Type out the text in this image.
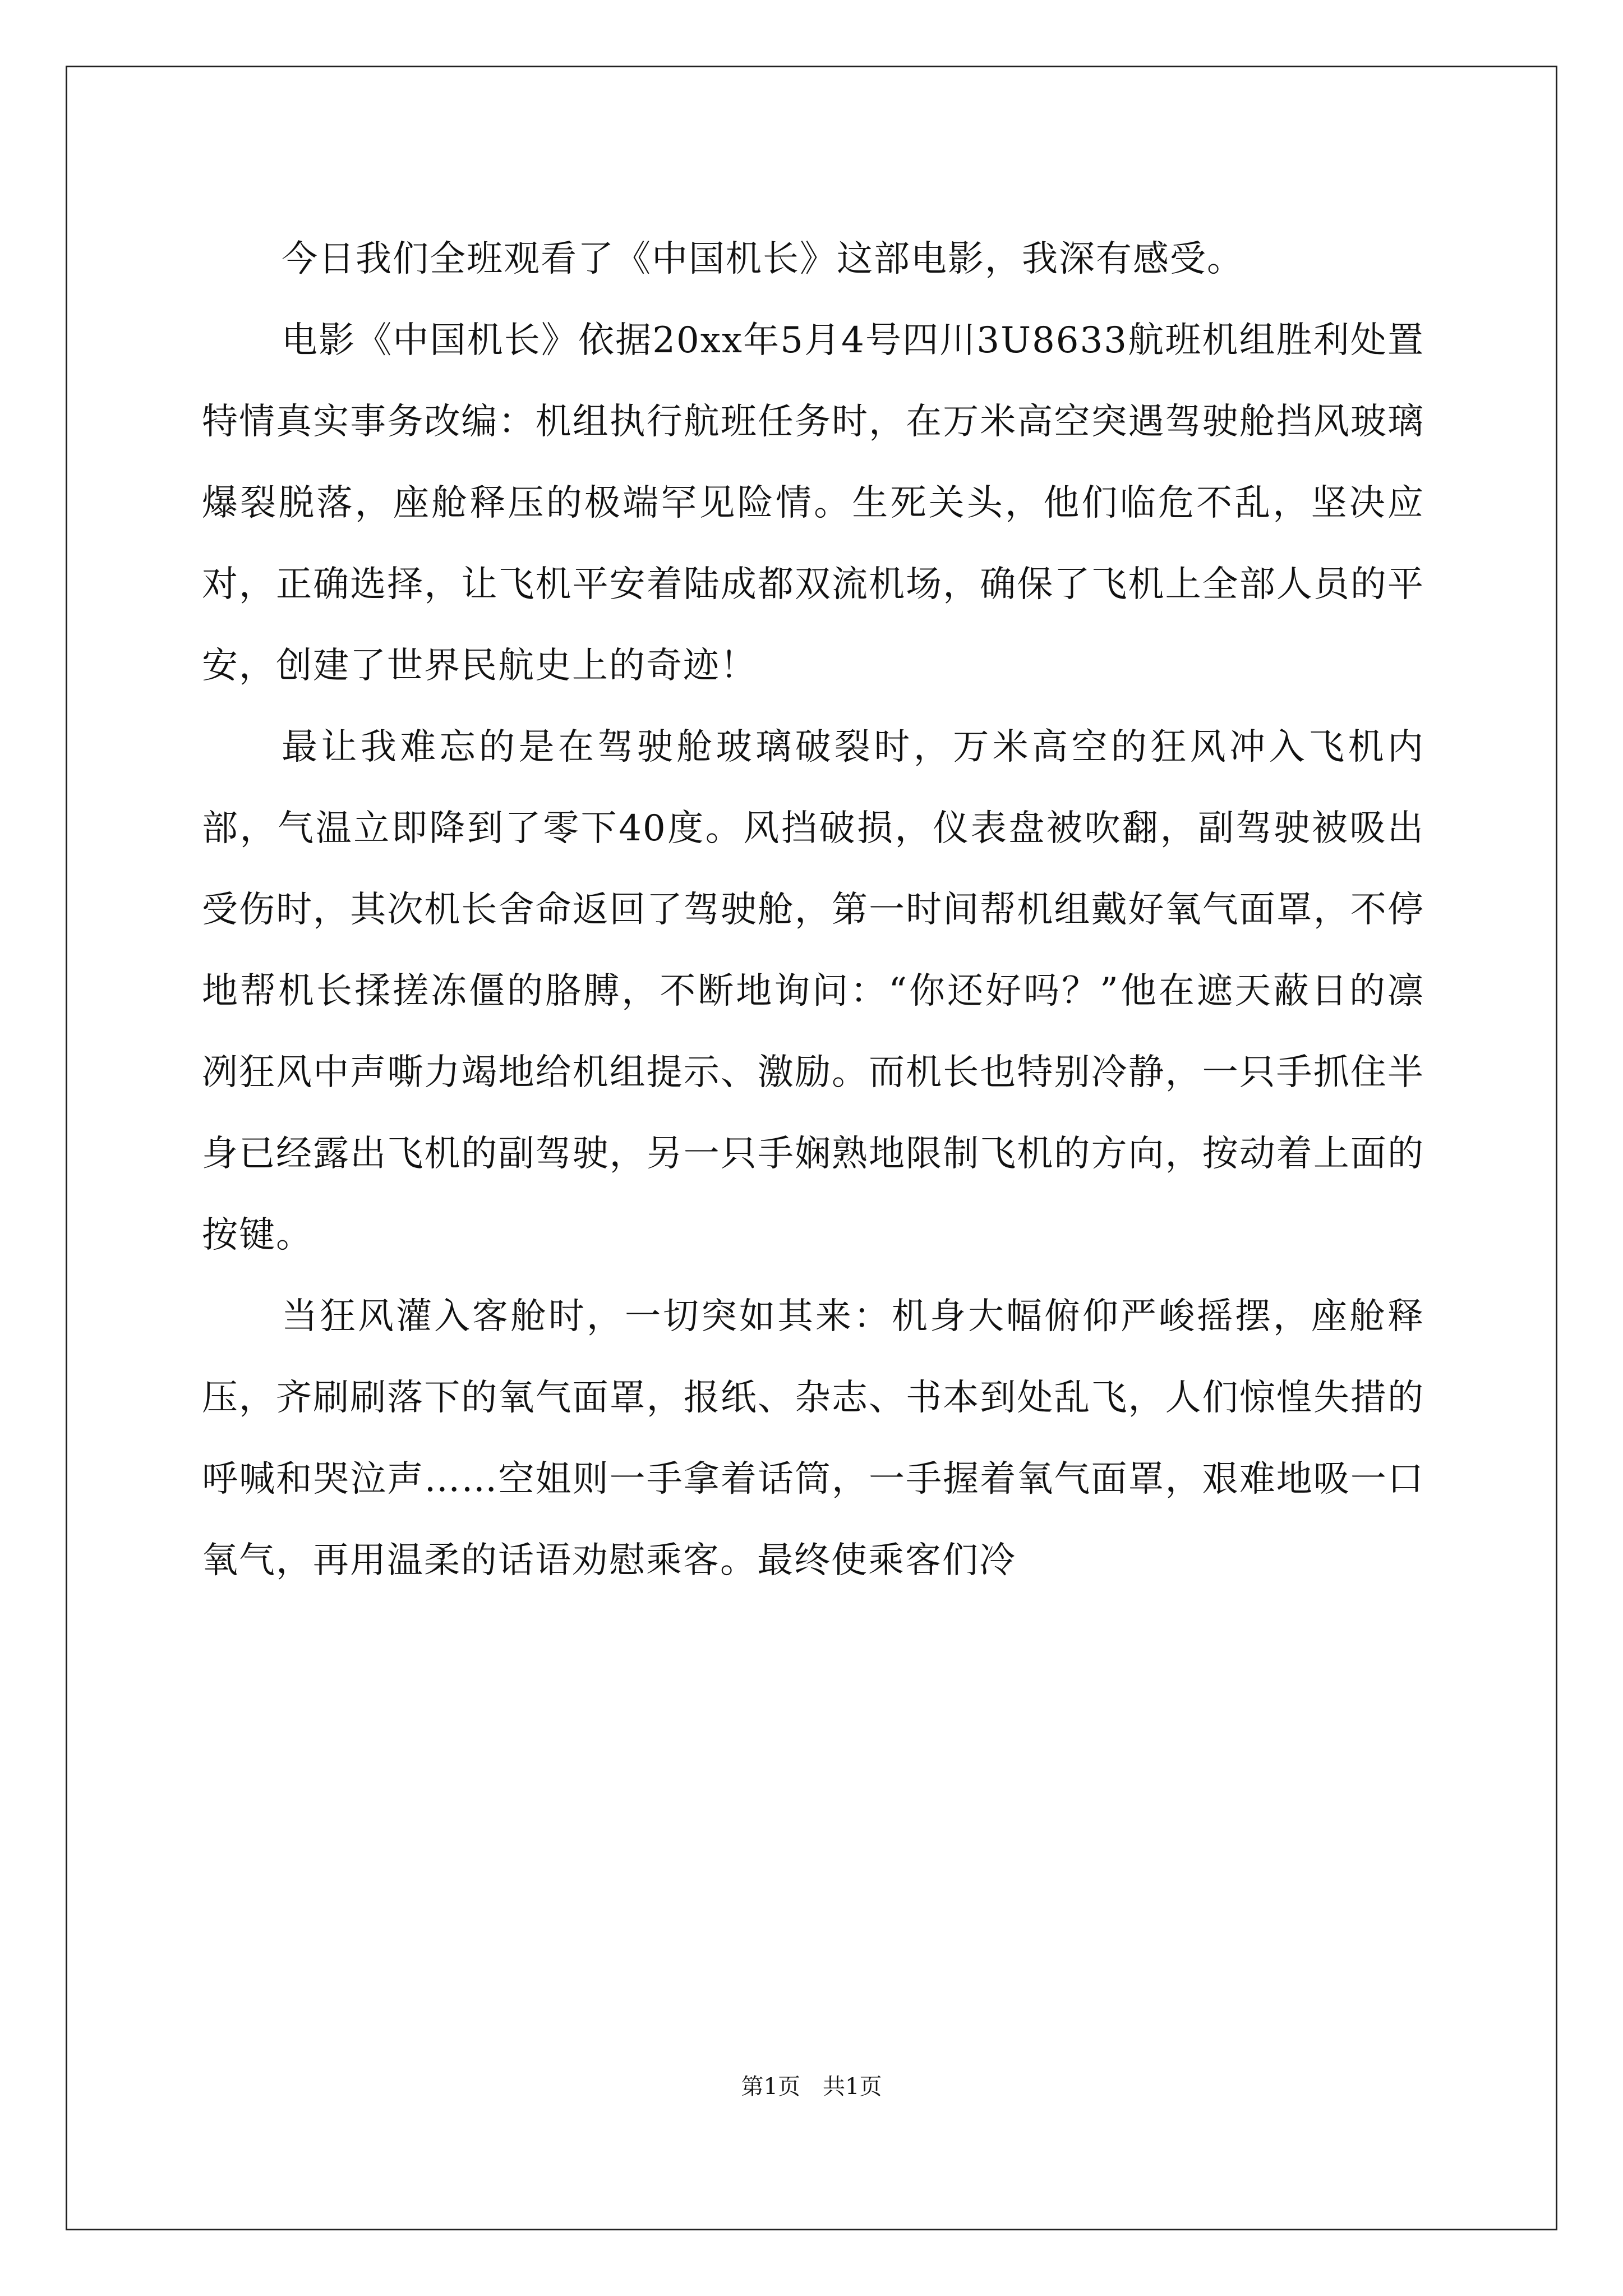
今日我们全班观看了《中国机长》这部电影，我深有感受。

电影《中国机长》依据20xx年5月4号四川3U8633航班机组胜利处置特情真实事务改编：机组执行航班任务时，在万米高空突遇驾驶舱挡风玻璃爆裂脱落，座舱释压的极端罕见险情。生死关头，他们临危不乱，坚决应对，正确选择，让飞机平安着陆成都双流机场，确保了飞机上全部人员的平安，创建了世界民航史上的奇迹！

最让我难忘的是在驾驶舱玻璃破裂时，万米高空的狂风冲入飞机内部，气温立即降到了零下40度。风挡破损，仪表盘被吹翻，副驾驶被吸出受伤时，其次机长舍命返回了驾驶舱，第一时间帮机组戴好氧气面罩，不停地帮机长揉搓冻僵的胳膊，不断地询问：“你还好吗？”他在遮天蔽日的凛冽狂风中声嘶力竭地给机组提示、激励。而机长也特别冷静，一只手抓住半身已经露出飞机的副驾驶，另一只手娴熟地限制飞机的方向，按动着上面的按键。

当狂风灌入客舱时，一切突如其来：机身大幅俯仰严峻摇摆，座舱释压，齐刷刷落下的氧气面罩，报纸、杂志、书本到处乱飞，人们惊惶失措的呼喊和哭泣声……空姐则一手拿着话筒，一手握着氧气面罩，艰难地吸一口氧气，再用温柔的话语劝慰乘客。最终使乘客们冷

第1页　共1页
